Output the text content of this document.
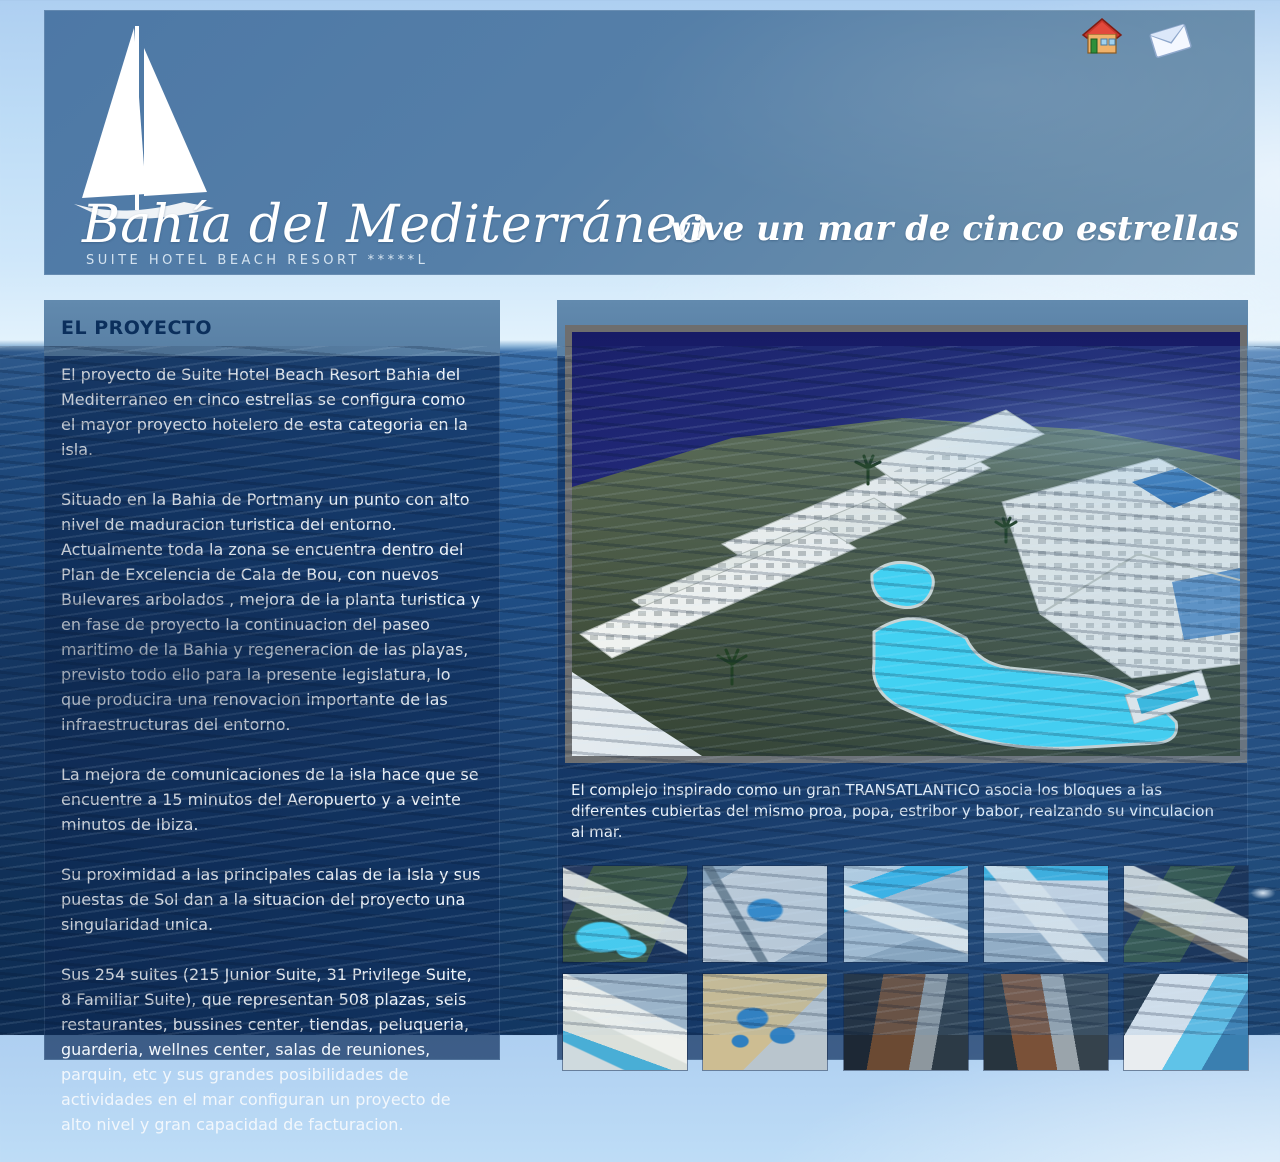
Bahía del Mediterráneo
SUITE HOTEL BEACH RESORT *****L
vive un mar de cinco estrellas
EL PROYECTO

El proyecto de Suite Hotel Beach Resort Bahia del Mediterraneo en cinco estrellas se configura como el mayor proyecto hotelero de esta categoria en la isla.

Situado en la Bahia de Portmany un punto con alto nivel de maduracion turistica del entorno. Actualmente toda la zona se encuentra dentro del Plan de Excelencia de Cala de Bou, con nuevos Bulevares arbolados , mejora de la planta turistica y en fase de proyecto la continuacion del paseo maritimo de la Bahia y regeneracion de las playas, previsto todo ello para la presente legislatura, lo que producira una renovacion importante de las infraestructuras del entorno.

La mejora de comunicaciones de la isla hace que se encuentre a 15 minutos del Aeropuerto y a veinte minutos de Ibiza.

Su proximidad a las principales calas de la Isla y sus puestas de Sol dan a la situacion del proyecto una singularidad unica.

Sus 254 suites (215 Junior Suite, 31 Privilege Suite, 8 Familiar Suite), que representan 508 plazas, seis restaurantes, bussines center, tiendas, peluqueria, guarderia, wellnes center, salas de reuniones, parquin, etc y sus grandes posibilidades de actividades en el mar configuran un proyecto de alto nivel y gran capacidad de facturacion.

El complejo inspirado como un gran TRANSATLANTICO asocia los bloques a las diferentes cubiertas del mismo proa, popa, estribor y babor, realzando su vinculacion al mar.
